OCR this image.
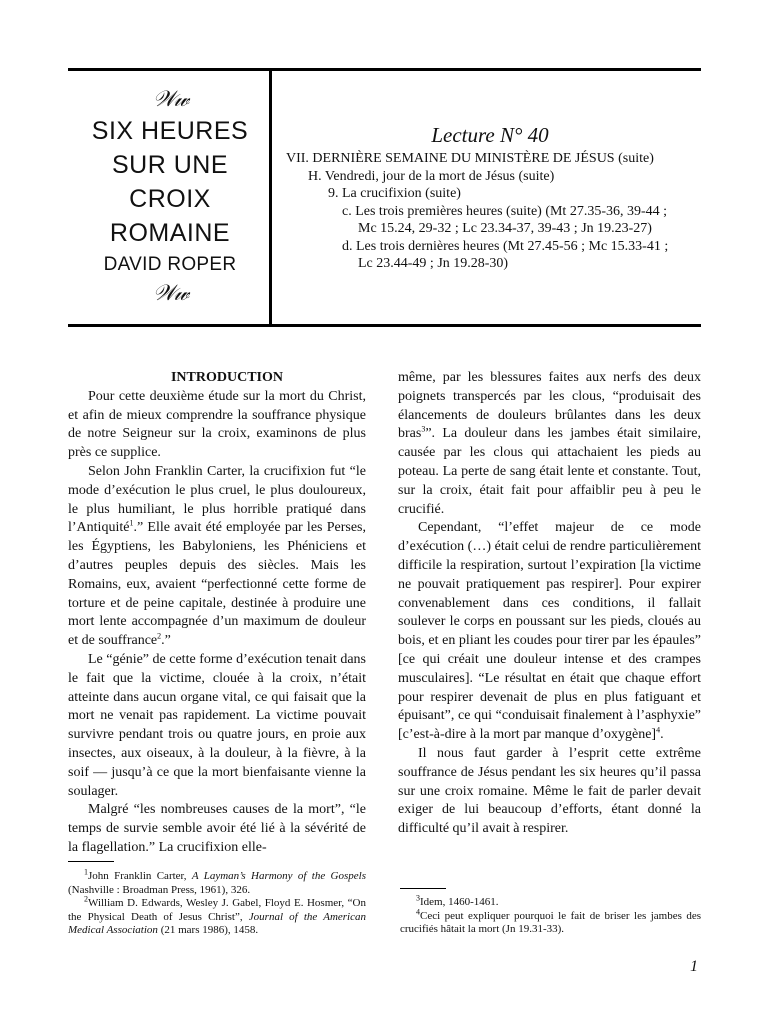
𝒲𝓌
SIX HEURES
SUR UNE
CROIX
ROMAINE
DAVID ROPER
𝒲𝓌
Lecture N° 40
VII. DERNIÈRE SEMAINE DU MINISTÈRE DE JÉSUS (suite)
H. Vendredi, jour de la mort de Jésus (suite)
9. La crucifixion (suite)
c. Les trois premières heures (suite) (Mt 27.35-36, 39-44 ;
Mc 15.24, 29-32 ; Lc 23.34-37, 39-43 ; Jn 19.23-27)
d. Les trois dernières heures (Mt 27.45-56 ; Mc 15.33-41 ;
Lc 23.44-49 ; Jn 19.28-30)

INTRODUCTION

Pour cette deuxième étude sur la mort du Christ, et afin de mieux comprendre la souffrance physique de notre Seigneur sur la croix, examinons de plus près ce supplice.

Selon John Franklin Carter, la crucifixion fut “le mode d’exécution le plus cruel, le plus douloureux, le plus humiliant, le plus horrible pratiqué dans l’Antiquité$^1$.” Elle avait été employée par les Perses, les Égyptiens, les Babyloniens, les Phéniciens et d’autres peuples depuis des siècles. Mais les Romains, eux, avaient “perfectionné cette forme de torture et de peine capitale, destinée à produire une mort lente accompagnée d’un maximum de douleur et de souffrance$^2$.”

Le “génie” de cette forme d’exécution tenait dans le fait que la victime, clouée à la croix, n’était atteinte dans aucun organe vital, ce qui faisait que la mort ne venait pas rapidement. La victime pouvait survivre pendant trois ou quatre jours, en proie aux insectes, aux oiseaux, à la douleur, à la fièvre, à la soif — jusqu’à ce que la mort bienfaisante vienne la soulager.

Malgré “les nombreuses causes de la mort”, “le temps de survie semble avoir été lié à la sévérité de la flagellation.” La crucifixion elle-

même, par les blessures faites aux nerfs des deux poignets transpercés par les clous, “produisait des élancements de douleurs brûlantes dans les deux bras$^3$”. La douleur dans les jambes était similaire, causée par les clous qui attachaient les pieds au poteau. La perte de sang était lente et constante. Tout, sur la croix, était fait pour affaiblir peu à peu le crucifié.

Cependant, “l’effet majeur de ce mode d’exécution (…) était celui de rendre particulièrement difficile la respiration, surtout l’expiration [la victime ne pouvait pratiquement pas respirer]. Pour expirer convenablement dans ces conditions, il fallait soulever le corps en poussant sur les pieds, cloués au bois, et en pliant les coudes pour tirer par les épaules” [ce qui créait une douleur intense et des crampes musculaires]. “Le résultat en était que chaque effort pour respirer devenait de plus en plus fatiguant et épuisant”, ce qui “conduisait finalement à l’asphyxie” [c’est-à-dire à la mort par manque d’oxygène]$^4$.

Il nous faut garder à l’esprit cette extrême souffrance de Jésus pendant les six heures qu’il passa sur une croix romaine. Même le fait de parler devait exiger de lui beaucoup d’efforts, étant donné la difficulté qu’il avait à respirer.

$^1$John Franklin Carter, A Layman’s Harmony of the Gospels (Nashville : Broadman Press, 1961), 326.

$^2$William D. Edwards, Wesley J. Gabel, Floyd E. Hosmer, “On the Physical Death of Jesus Christ”, Journal of the American Medical Association (21 mars 1986), 1458.

$^3$Idem, 1460-1461.

$^4$Ceci peut expliquer pourquoi le fait de briser les jambes des crucifiés hâtait la mort (Jn 19.31-33).

1
